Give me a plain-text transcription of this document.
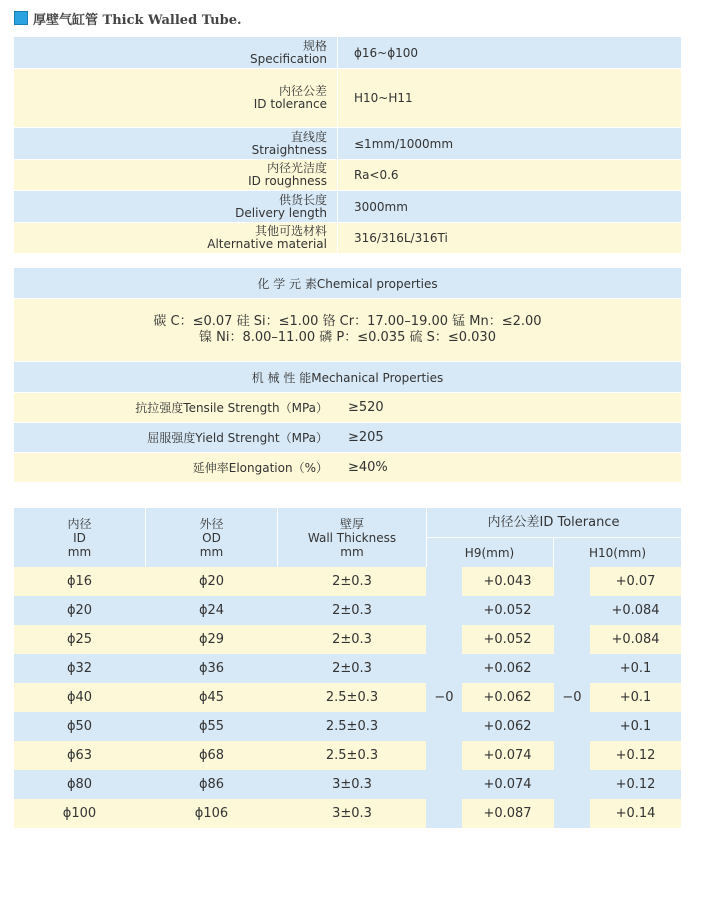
厚壁气缸管 Thick Walled Tube.
规格
Specification	ϕ16~ϕ100
内径公差
ID tolerance	H10~H11
直线度
Straightness	≤1mm/1000mm
内径光洁度
ID roughness	Ra<0.6
供货长度
Delivery length	3000mm
其他可选材料
Alternative material	316/316L/316Ti
化 学 元 素Chemical properties
碳 C：≤0.07 硅 Si：≤1.00 铬 Cr：17.00–19.00 锰 Mn：≤2.00
镍 Ni：8.00–11.00 磷 P：≤0.035 硫 S：≤0.030
机 械 性 能Mechanical Properties
抗拉强度Tensile Strength（MPa）	≥520
屈服强度Yield Strenght（MPa）	≥205
延伸率Elongation（%）	≥40%
内径
ID
mm
外径
OD
mm
壁厚
Wall Thickness
mm
内径公差ID Tolerance
H9(mm)	H10(mm)
ϕ16	ϕ20	2±0.3	+0.043	+0.07
ϕ20	ϕ24	2±0.3	+0.052	+0.084
ϕ25	ϕ29	2±0.3	+0.052	+0.084
ϕ32	ϕ36	2±0.3	+0.062	+0.1
ϕ40	ϕ45	2.5±0.3	+0.062	+0.1
ϕ50	ϕ55	2.5±0.3	+0.062	+0.1
ϕ63	ϕ68	2.5±0.3	+0.074	+0.12
ϕ80	ϕ86	3±0.3	+0.074	+0.12
ϕ100	ϕ106	3±0.3	+0.087	+0.14
−0	−0
